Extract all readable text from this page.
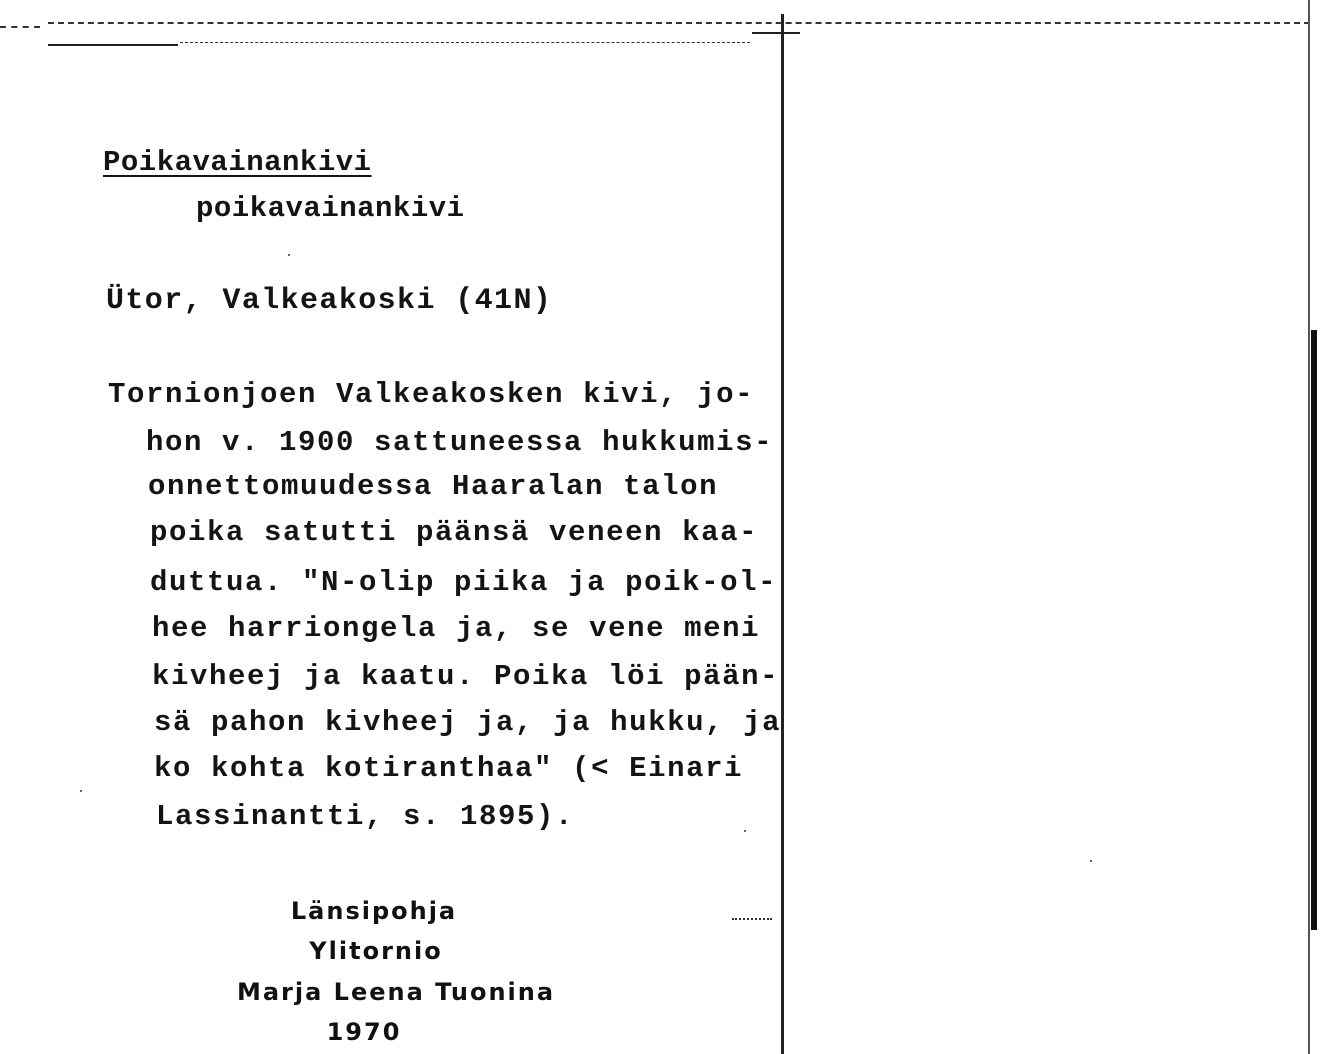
Poikavainankivi
poikavainankivi
Ütor, Valkeakoski (41N)
Tornionjoen Valkeakosken kivi, jo-
hon v. 1900 sattuneessa hukkumis-
onnettomuudessa Haaralan talon
poika satutti päänsä veneen kaa-
duttua. "N-olip piika ja poik-ol-
hee harriongela ja, se vene meni
kivheej ja kaatu. Poika löi pään-
sä pahon kivheej ja, ja hukku, ja
ko kohta kotiranthaa" (< Einari
Lassinantti, s. 1895).
Länsipohja
Ylitornio
Marja Leena Tuonina
1970
